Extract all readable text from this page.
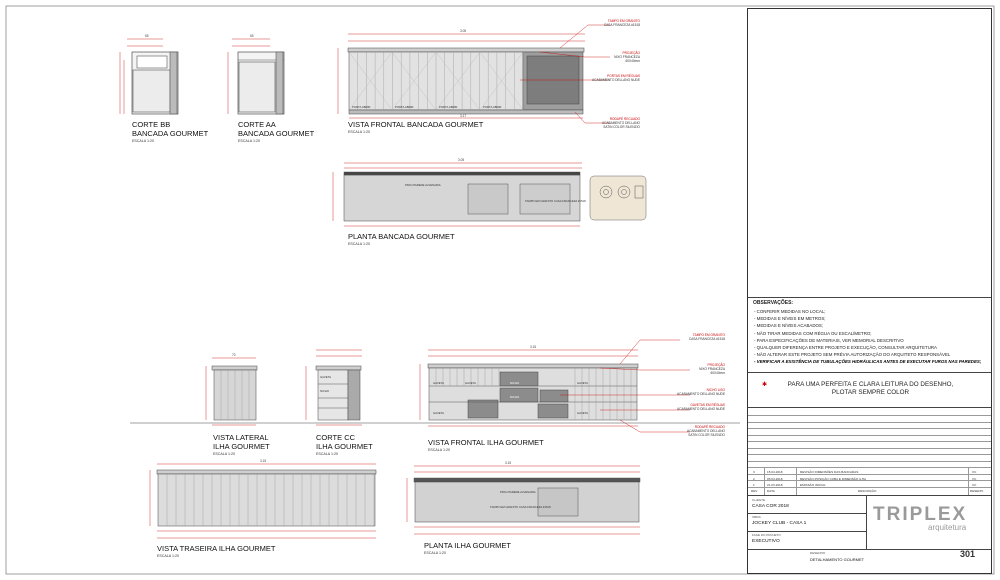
65	65
PORTA ABRIR	PORTA ABRIR	PORTA ABRIR	PORTA ABRIR
3.05
3.17
3.05
PROJ.PAREDE ALVENARIA
TAMPO EM GRANITO CASA FRANCEZA #1518
70
GAVETA
NICHO
3.15
GAVETA	GAVETA	NICHO	GAVETA
NICHO
GAVETA	GAVETA
3.15	3.15
PROJ.PAREDE ALVENARIA
TAMPO EM GRANITO CASA FRANCEZA #1518
CORTE BB
BANCADA GOURMET
ESCALA 1:20
CORTE AA
BANCADA GOURMET
ESCALA 1:20
VISTA FRONTAL BANCADA GOURMET
ESCALA 1:20
PLANTA BANCADA GOURMET
ESCALA 1:20
VISTA LATERAL
ILHA GOURMET
ESCALA 1:20
CORTE CC
ILHA GOURMET
ESCALA 1:20
VISTA FRONTAL ILHA GOURMET
ESCALA 1:20
VISTA TRASEIRA ILHA GOURMET
ESCALA 1:20
PLANTA ILHA GOURMET
ESCALA 1:20
TAMPO EM GRANITO
CASA FRANCEZA #1518
PROJEÇÃO
NIXO FRANCEZA
60X40mm
PORTAS EM RÉGUAS
ACABAMENTO DELLANO NUDE
RODAPÉ RECUADO
ACABAMENTO DELLANO
SATIN COLOR SILENZIO
TAMPO EM GRANITO
CASA FRANCEZA #1518
PROJEÇÃO
NIXO FRANCEZA
60X40mm
NICHO LISO
ACABAMENTO DELLANO NUDE
GAVETAS EM RÉGUAS
ACABAMENTO DELLANO NUDE
RODAPÉ RECUADO
ACABAMENTO DELLANO
SATIN COLOR SILENZIO
OBSERVAÇÕES:
- CONFERIR MEDIDAS NO LOCAL;
- MEDIDAS E NÍVEIS EM METROS;
- MEDIDAS E NÍVEIS ACABADOS;
- NÃO TIRAR MEDIDAS COM RÉGUA OU ESCALÍMETRO;
- PARA ESPECIFICAÇÕES DE MATERIAIS, VER MEMORIAL DESCRITIVO
- QUALQUER DIFERENÇA ENTRE PROJETO E EXECUÇÃO, CONSULTAR ARQUITETURA
- NÃO ALTERAR ESTE PROJETO SEM PRÉVIA AUTORIZAÇÃO DO ARQUITETO RESPONSÁVEL
- VERIFICAR A EXISTÊNCIA DE TUBULAÇÕES HIDRÁULICAS ANTES DE EXECUTAR FUROS NAS PAREDES;
✱	PARA UMA PERFEITA E CLARA LEITURA DO DESENHO,
PLOTAR SEMPRE COLOR
3	15.04.2018	REVISÃO DIMENSÕES DAS BANCADAS	VC
2	05.04.2018	REVISÃO POSIÇÃO CUBA E DIMENSÃO ILHA	VC
1	21.03.2018	EMISSÃO INICIAL	VC
REV.	DATA	DESCRIÇÃO	DESENH.
CLIENTE
CASA COR 2018
OBRA
JOCKEY CLUB - CASA 1
FASE DO PROJETO
EXECUTIVO
DESENHO
DETALHAMENTO GOURMET
TRIPLEX
arquitetura
301
